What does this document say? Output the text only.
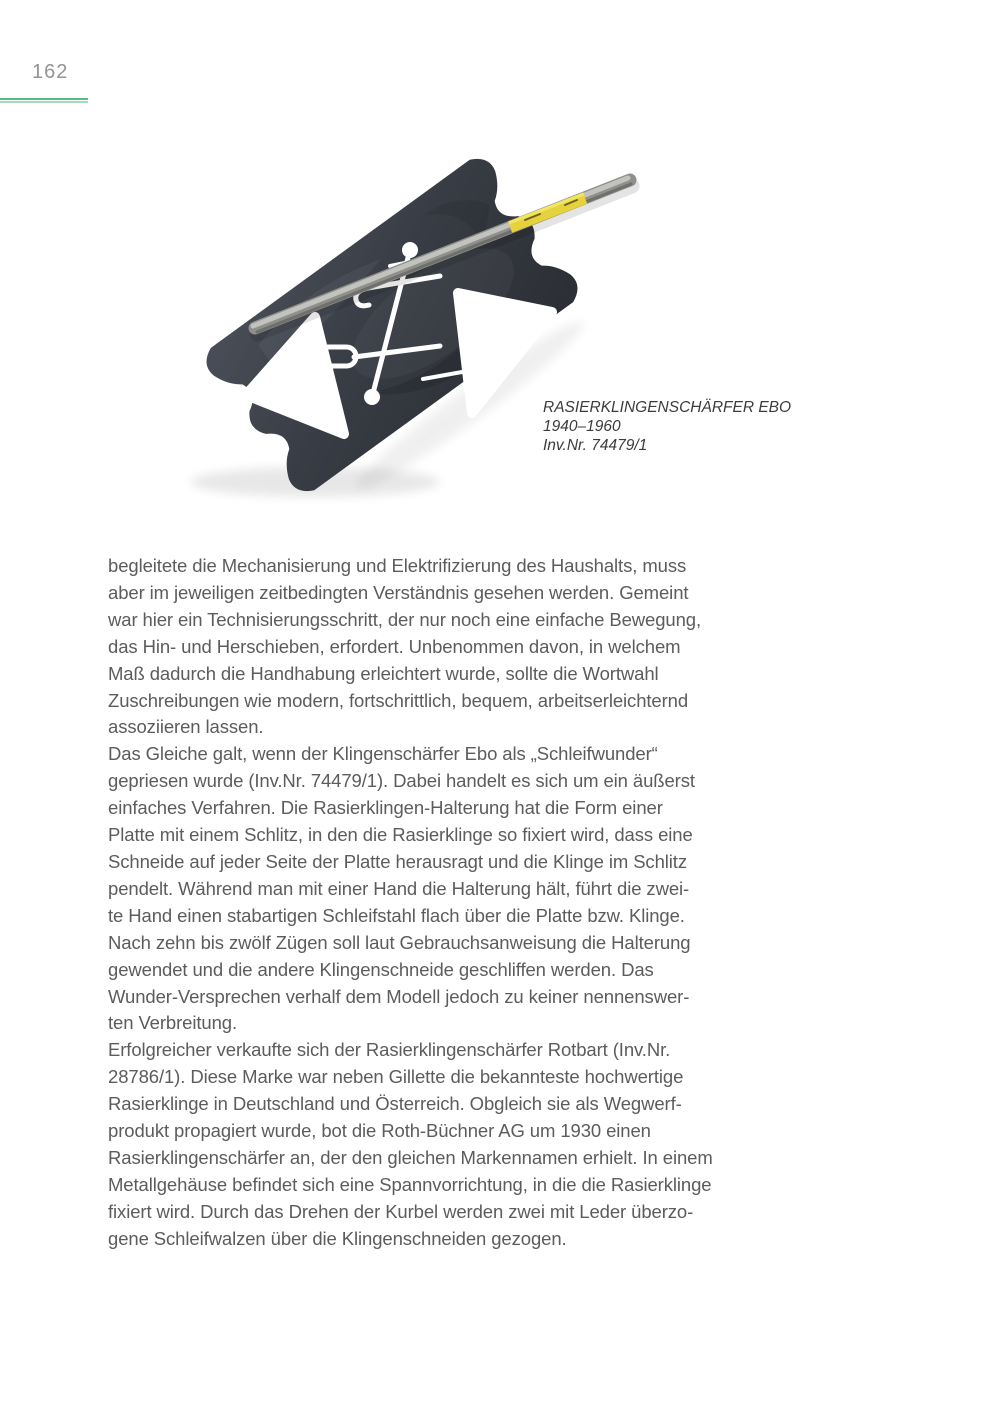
162
RASIERKLINGENSCHÄRFER EBO
1940–1960
Inv.Nr. 74479/1
begleitete die Mechanisierung und Elektrifizierung des Haushalts, muss
aber im jeweiligen zeitbedingten Verständnis gesehen werden. Gemeint
war hier ein Technisierungsschritt, der nur noch eine einfache Bewegung,
das Hin- und Herschieben, erfordert. Unbenommen davon, in welchem
Maß dadurch die Handhabung erleichtert wurde, sollte die Wortwahl
Zuschreibungen wie modern, fortschrittlich, bequem, arbeitserleichternd
assoziieren lassen.
Das Gleiche galt, wenn der Klingenschärfer Ebo als „Schleifwunder“
gepriesen wurde (Inv.Nr. 74479/1). Dabei handelt es sich um ein äußerst
einfaches Verfahren. Die Rasierklingen-Halterung hat die Form einer
Platte mit einem Schlitz, in den die Rasierklinge so fixiert wird, dass eine
Schneide auf jeder Seite der Platte herausragt und die Klinge im Schlitz
pendelt. Während man mit einer Hand die Halterung hält, führt die zwei-
te Hand einen stabartigen Schleifstahl flach über die Platte bzw. Klinge.
Nach zehn bis zwölf Zügen soll laut Gebrauchsanweisung die Halterung
gewendet und die andere Klingenschneide geschliffen werden. Das
Wunder-Versprechen verhalf dem Modell jedoch zu keiner nennenswer-
ten Verbreitung.
Erfolgreicher verkaufte sich der Rasierklingenschärfer Rotbart (Inv.Nr.
28786/1). Diese Marke war neben Gillette die bekannteste hochwertige
Rasierklinge in Deutschland und Österreich. Obgleich sie als Wegwerf-
produkt propagiert wurde, bot die Roth-Büchner AG um 1930 einen
Rasierklingenschärfer an, der den gleichen Markennamen erhielt. In einem
Metallgehäuse befindet sich eine Spannvorrichtung, in die die Rasierklinge
fixiert wird. Durch das Drehen der Kurbel werden zwei mit Leder überzo-
gene Schleifwalzen über die Klingenschneiden gezogen.
